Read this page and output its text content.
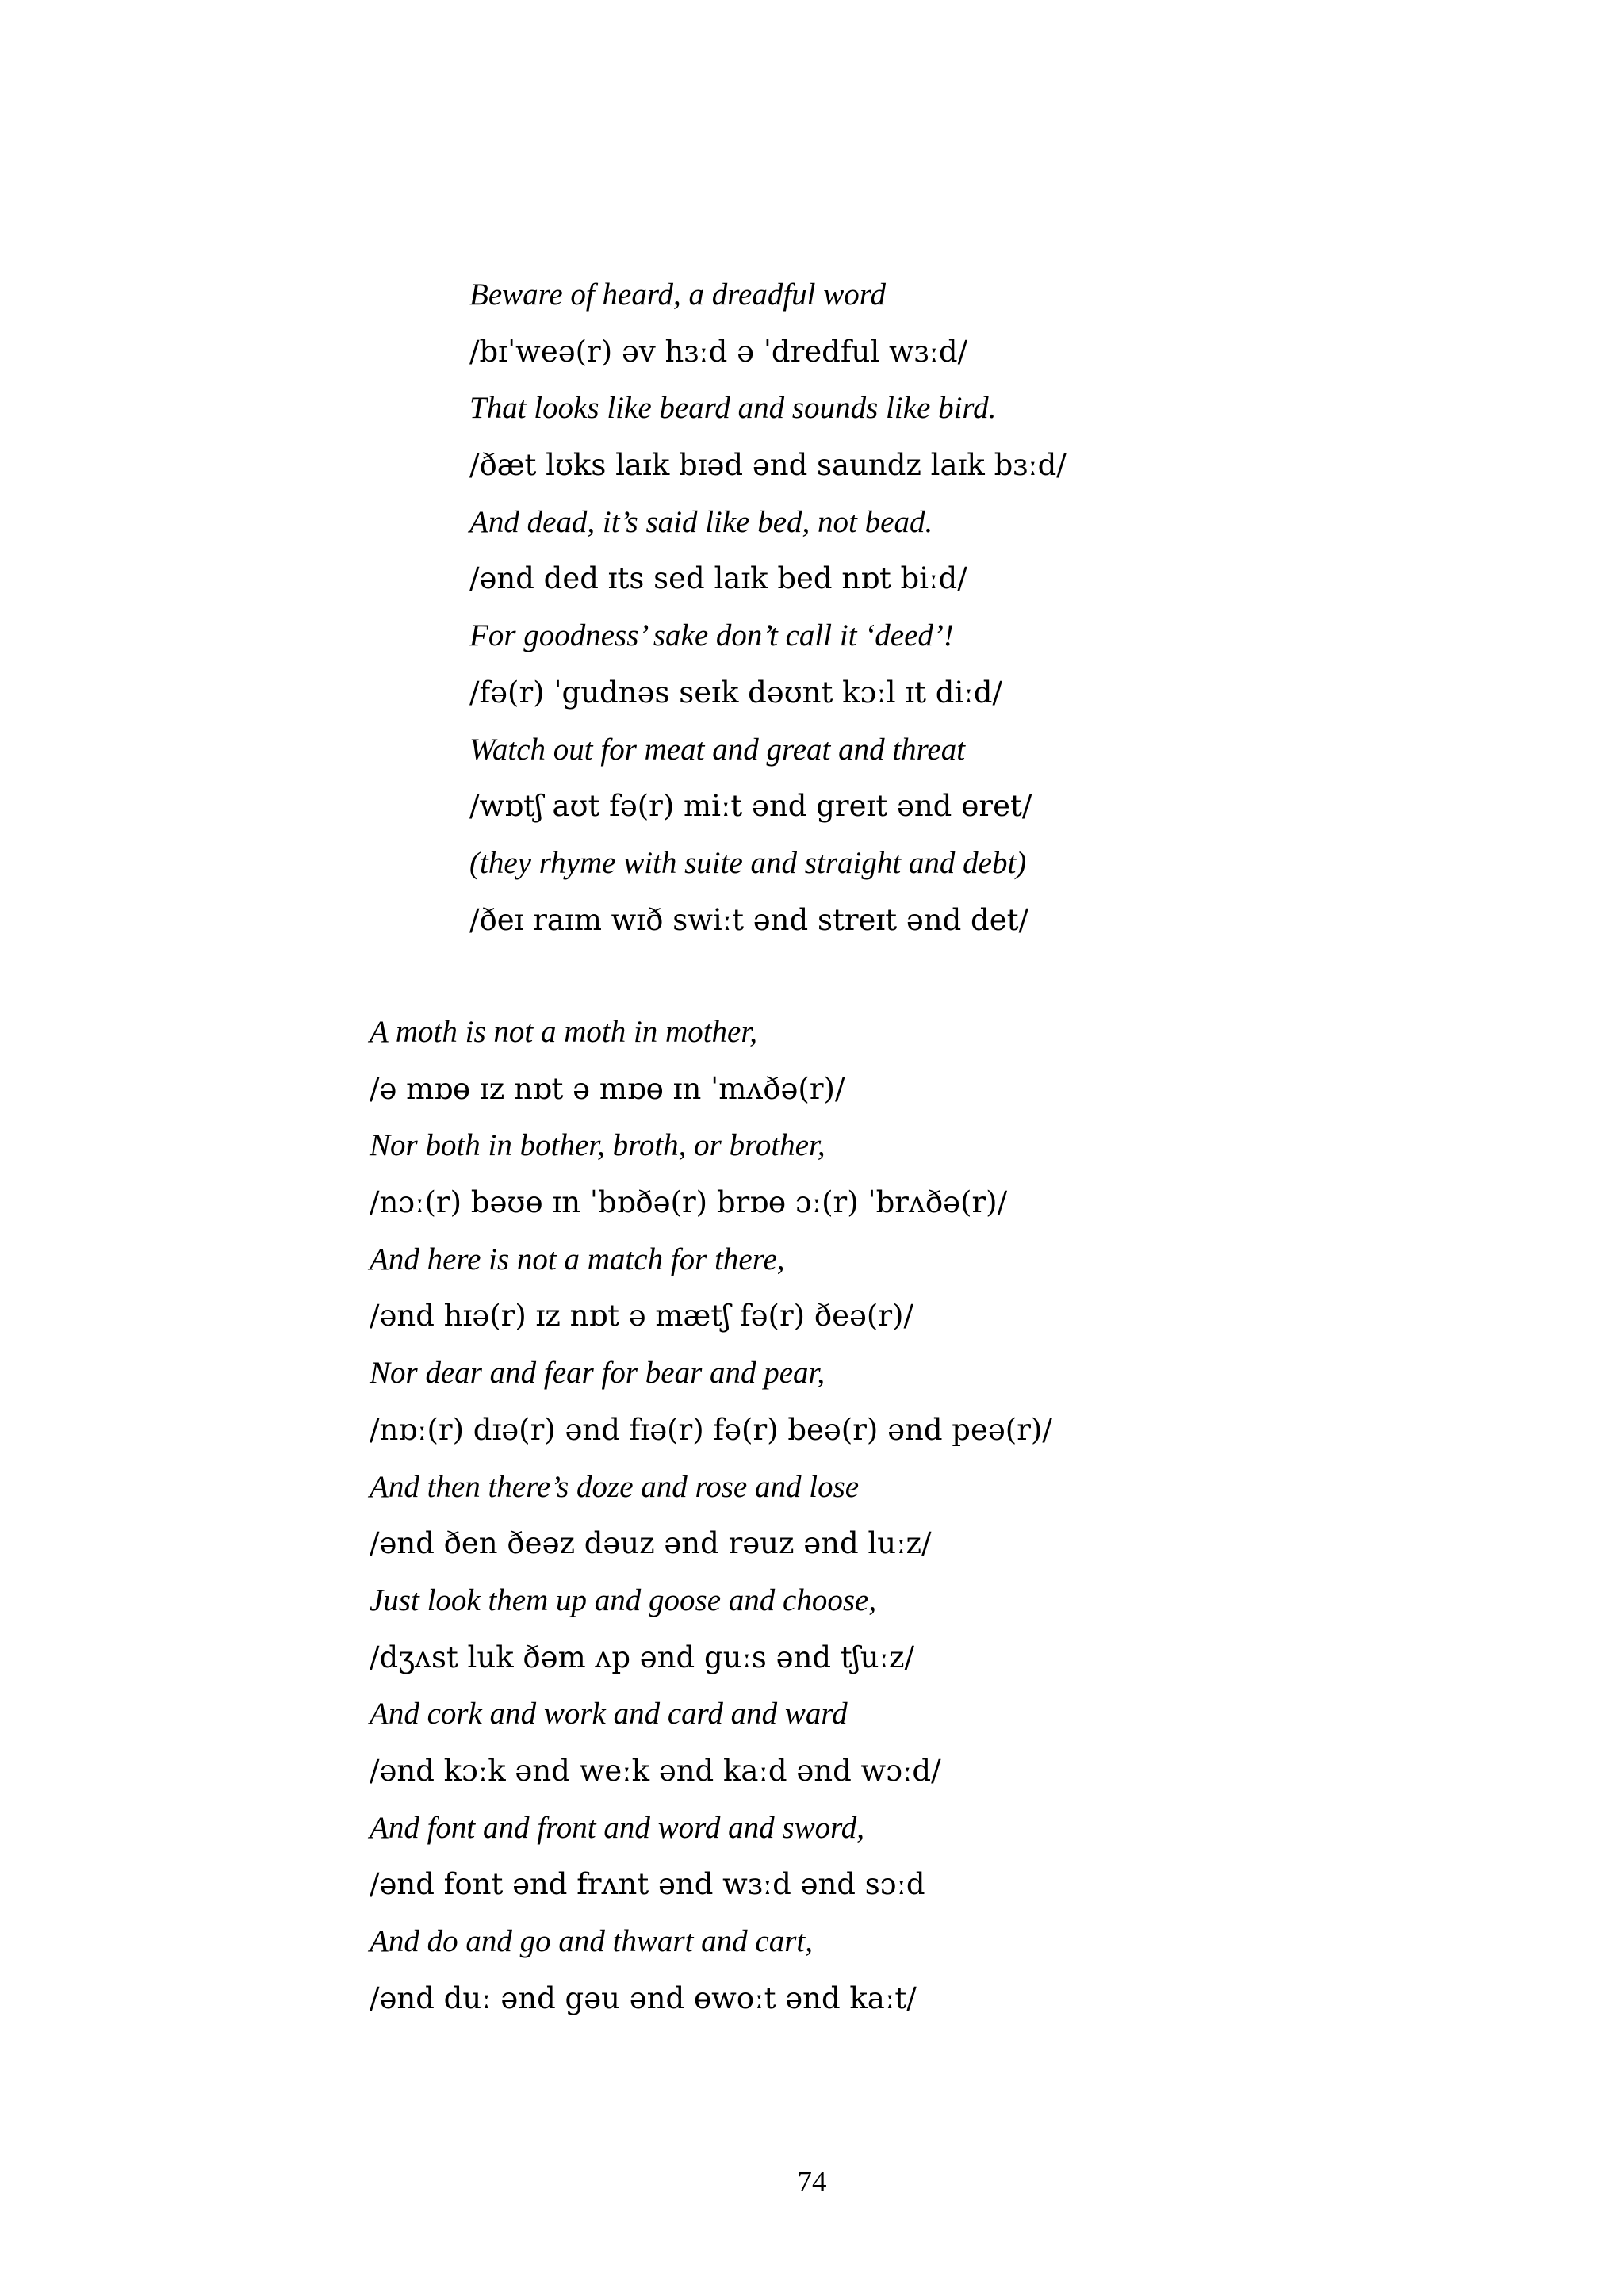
Beware of heard, a dreadful word
/bɪˈweə(r) əv hɜːd ə ˈdredful wɜːd/
That looks like beard and sounds like bird.
/ðæt lʊks laɪk bɪəd ənd saundz laɪk bɜːd/
And dead, it’s said like bed, not bead.
/ənd ded ɪts sed laɪk bed nɒt biːd/
For goodness’ sake don’t call it ‘deed’!
/fə(r) ˈgudnəs seɪk dəʊnt kɔːl ɪt diːd/
Watch out for meat and great and threat
/wɒtʃ aʊt fə(r) miːt ənd greɪt ənd ɵret/
(they rhyme with suite and straight and debt)
/ðeɪ raɪm wɪð swiːt ənd streɪt ənd det/
A moth is not a moth in mother,
/ə mɒɵ ɪz nɒt ə mɒɵ ɪn ˈmʌðə(r)/
Nor both in bother, broth, or brother,
/nɔː(r) bəʊɵ ɪn ˈbɒðə(r) brɒɵ ɔː(r) ˈbrʌðə(r)/
And here is not a match for there,
/ənd hɪə(r) ɪz nɒt ə mætʃ fə(r) ðeə(r)/
Nor dear and fear for bear and pear,
/nɒː(r) dɪə(r) ənd fɪə(r) fə(r) beə(r) ənd peə(r)/
And then there’s doze and rose and lose
/ənd ðen ðeəz dəuz ənd rəuz ənd luːz/
Just look them up and goose and choose,
/dʒʌst luk ðəm ʌp ənd guːs ənd tʃuːz/
And cork and work and card and ward
/ənd kɔːk ənd weːk ənd kaːd ənd wɔːd/
And font and front and word and sword,
/ənd font ənd frʌnt ənd wɜːd ənd sɔːd
And do and go and thwart and cart,
/ənd duː ənd gəu ənd ɵwoːt ənd kaːt/
74
